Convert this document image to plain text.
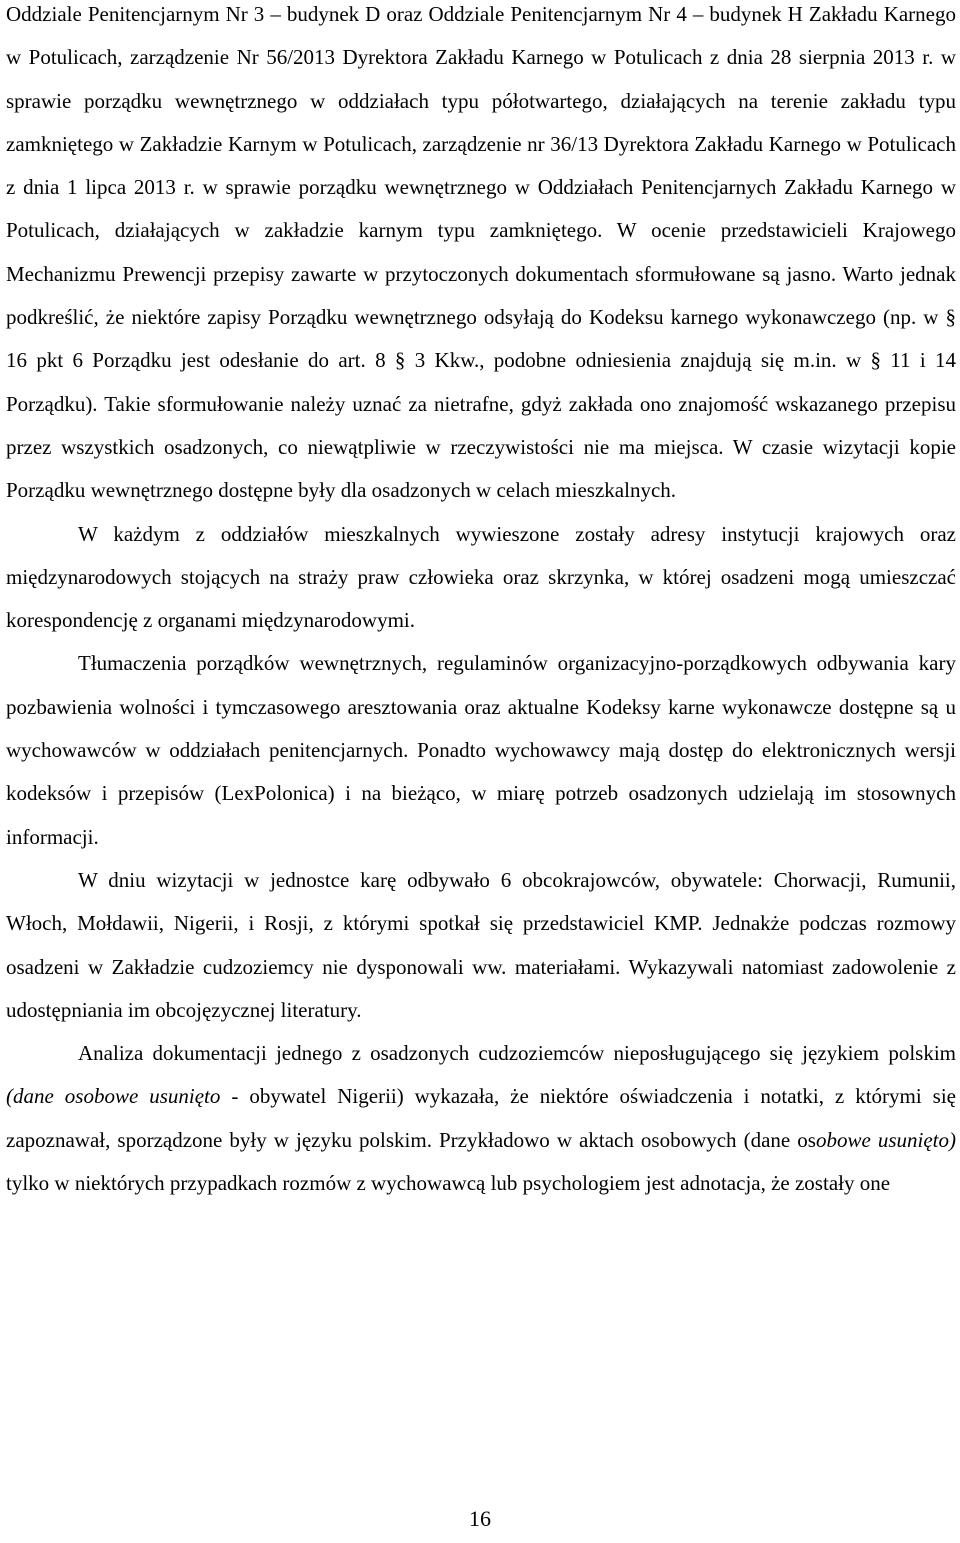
Oddziale Penitencjarnym Nr 3 – budynek D oraz Oddziale Penitencjarnym Nr 4 – budynek H Zakładu Karnego w Potulicach, zarządzenie Nr 56/2013 Dyrektora Zakładu Karnego w Potulicach z dnia 28 sierpnia 2013 r. w sprawie porządku wewnętrznego w oddziałach typu półotwartego, działających na terenie zakładu typu zamkniętego w Zakładzie Karnym w Potulicach, zarządzenie nr 36/13 Dyrektora Zakładu Karnego w Potulicach z dnia 1 lipca 2013 r. w sprawie porządku wewnętrznego w Oddziałach Penitencjarnych Zakładu Karnego w Potulicach, działających w zakładzie karnym typu zamkniętego. W ocenie przedstawicieli Krajowego Mechanizmu Prewencji przepisy zawarte w przytoczonych dokumentach sformułowane są jasno. Warto jednak podkreślić, że niektóre zapisy Porządku wewnętrznego odsyłają do Kodeksu karnego wykonawczego (np. w § 16 pkt 6 Porządku jest odesłanie do art. 8 § 3 Kkw., podobne odniesienia znajdują się m.in. w § 11 i 14 Porządku). Takie sformułowanie należy uznać za nietrafne, gdyż zakłada ono znajomość wskazanego przepisu przez wszystkich osadzonych, co niewątpliwie w rzeczywistości nie ma miejsca. W czasie wizytacji kopie Porządku wewnętrznego dostępne były dla osadzonych w celach mieszkalnych.

W każdym z oddziałów mieszkalnych wywieszone zostały adresy instytucji krajowych oraz międzynarodowych stojących na straży praw człowieka oraz skrzynka, w której osadzeni mogą umieszczać korespondencję z organami międzynarodowymi.

Tłumaczenia porządków wewnętrznych, regulaminów organizacyjno-porządkowych odbywania kary pozbawienia wolności i tymczasowego aresztowania oraz aktualne Kodeksy karne wykonawcze dostępne są u wychowawców w oddziałach penitencjarnych. Ponadto wychowawcy mają dostęp do elektronicznych wersji kodeksów i przepisów (LexPolonica) i na bieżąco, w miarę potrzeb osadzonych udzielają im stosownych informacji.

W dniu wizytacji w jednostce karę odbywało 6 obcokrajowców, obywatele: Chorwacji, Rumunii, Włoch, Mołdawii, Nigerii, i Rosji, z którymi spotkał się przedstawiciel KMP. Jednakże podczas rozmowy osadzeni w Zakładzie cudzoziemcy nie dysponowali ww. materiałami. Wykazywali natomiast zadowolenie z udostępniania im obcojęzycznej literatury.

Analiza dokumentacji jednego z osadzonych cudzoziemców nieposługującego się językiem polskim (dane osobowe usunięto - obywatel Nigerii) wykazała, że niektóre oświadczenia i notatki, z którymi się zapoznawał, sporządzone były w języku polskim. Przykładowo w aktach osobowych (dane osobowe usunięto) tylko w niektórych przypadkach rozmów z wychowawcą lub psychologiem jest adnotacja, że zostały one

16
